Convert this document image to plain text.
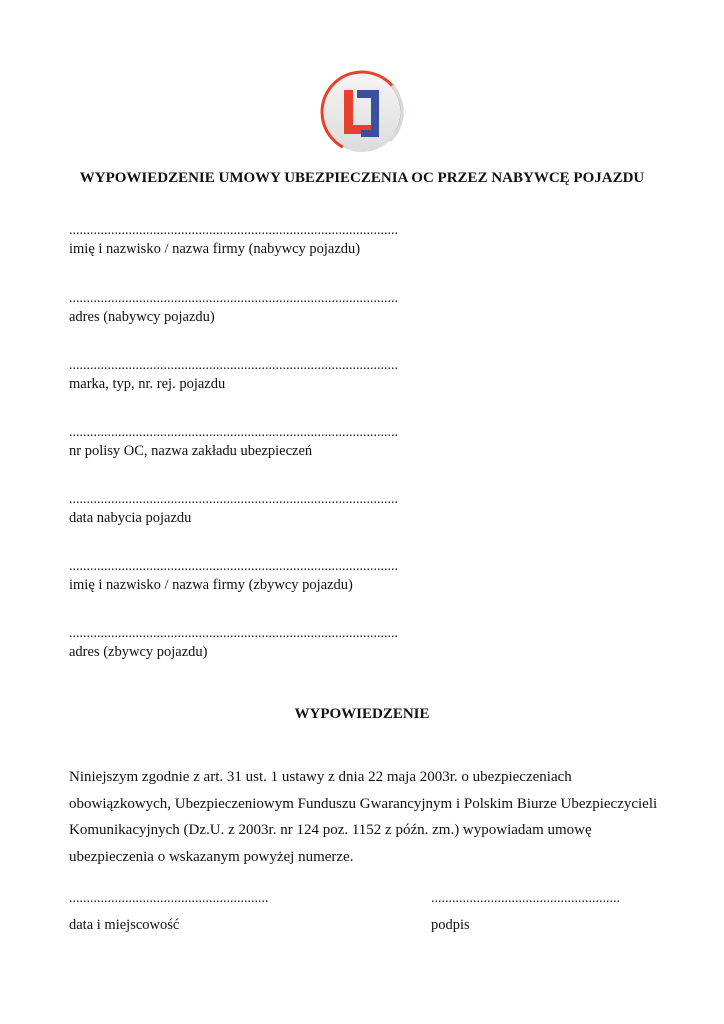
WYPOWIEDZENIE UMOWY UBEZPIECZENIA OC PRZEZ NABYWCĘ POJAZDU
..............................................................................................
imię i nazwisko / nazwa firmy (nabywcy pojazdu)
..............................................................................................
adres (nabywcy pojazdu)
..............................................................................................
marka, typ, nr. rej. pojazdu
..............................................................................................
nr polisy OC, nazwa zakładu ubezpieczeń
..............................................................................................
data nabycia pojazdu
..............................................................................................
imię i nazwisko / nazwa firmy (zbywcy pojazdu)
..............................................................................................
adres (zbywcy pojazdu)
WYPOWIEDZENIE

Niniejszym zgodnie z art. 31 ust. 1 ustawy z dnia 22 maja 2003r. o ubezpieczeniach

obowiązkowych, Ubezpieczeniowym Funduszu Gwarancyjnym i Polskim Biurze Ubezpieczycieli

Komunikacyjnych (Dz.U. z 2003r. nr 124 poz. 1152 z późn. zm.) wypowiadam umowę

ubezpieczenia o wskazanym powyżej numerze.

.........................................................
data i miejscowość
......................................................
podpis
